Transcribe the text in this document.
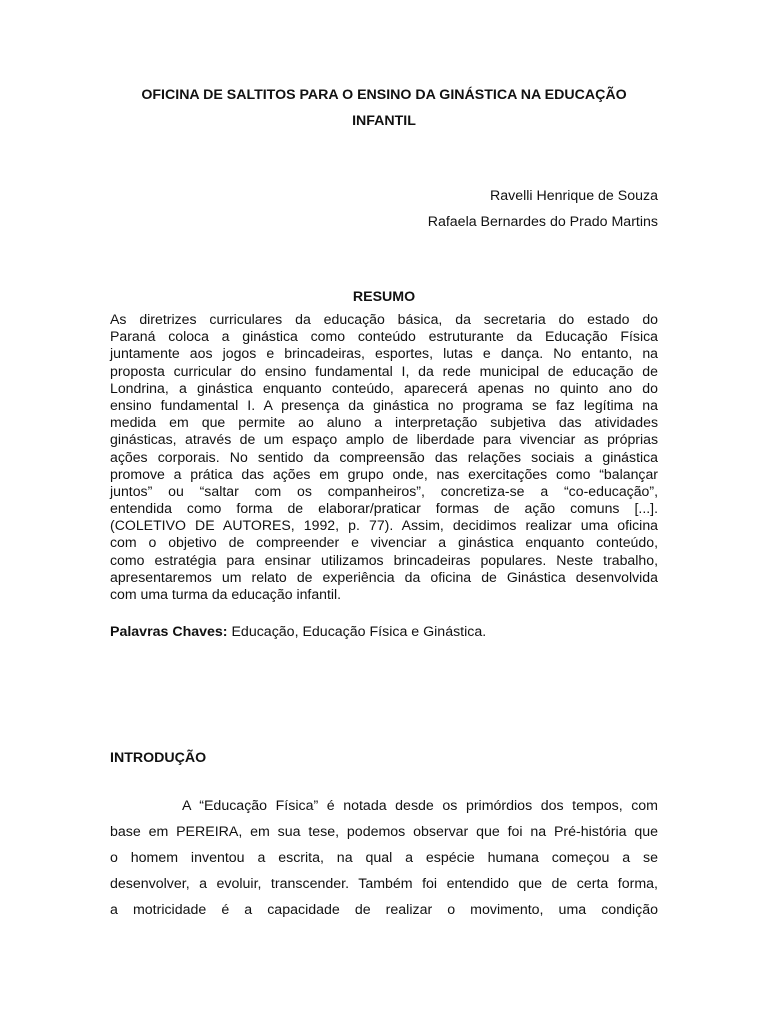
OFICINA DE SALTITOS PARA O ENSINO DA GINÁSTICA NA EDUCAÇÃO

INFANTIL

Ravelli Henrique de Souza

Rafaela Bernardes do Prado Martins

RESUMO

As diretrizes curriculares da educação básica, da secretaria do estado do
Paraná coloca a ginástica como conteúdo estruturante da Educação Física
juntamente aos jogos e brincadeiras, esportes, lutas e dança. No entanto, na
proposta curricular do ensino fundamental I, da rede municipal de educação de
Londrina, a ginástica enquanto conteúdo, aparecerá apenas no quinto ano do
ensino fundamental I. A presença da ginástica no programa se faz legítima na
medida em que permite ao aluno a interpretação subjetiva das atividades
ginásticas, através de um espaço amplo de liberdade para vivenciar as próprias
ações corporais. No sentido da compreensão das relações sociais a ginástica
promove a prática das ações em grupo onde, nas exercitações como “balançar
juntos” ou “saltar com os companheiros”, concretiza-se a “co-educação”,
entendida como forma de elaborar/praticar formas de ação comuns [...].
(COLETIVO DE AUTORES, 1992, p. 77). Assim, decidimos realizar uma oficina
com o objetivo de compreender e vivenciar a ginástica enquanto conteúdo,
como estratégia para ensinar utilizamos brincadeiras populares. Neste trabalho,
apresentaremos um relato de experiência da oficina de Ginástica desenvolvida
com uma turma da educação infantil.

Palavras Chaves: Educação, Educação Física e Ginástica.

INTRODUÇÃO

A “Educação Física” é notada desde os primórdios dos tempos, com
base em PEREIRA, em sua tese, podemos observar que foi na Pré-história que
o homem inventou a escrita, na qual a espécie humana começou a se
desenvolver, a evoluir, transcender. Também foi entendido que de certa forma,
a motricidade é a capacidade de realizar o movimento, uma condição
